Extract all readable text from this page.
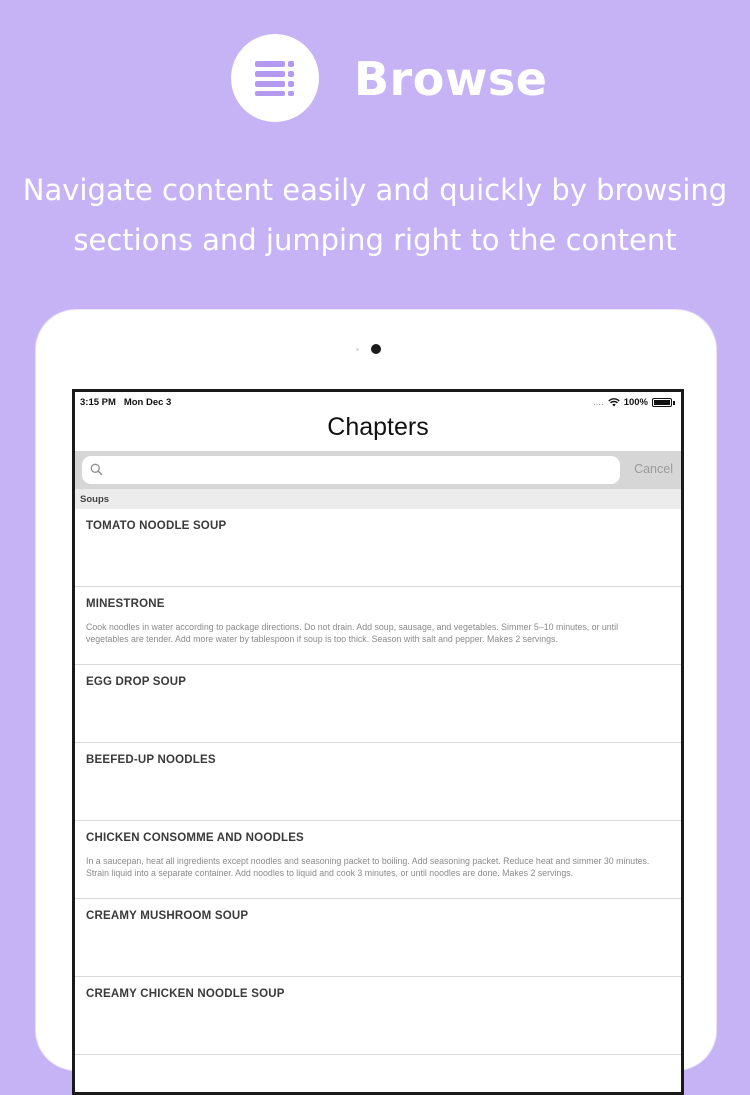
Browse
Navigate content easily and quickly by browsing
sections and jumping right to the content
3:15 PM Mon Dec 3	.... 100%
Chapters
Cancel
Soups
TOMATO NOODLE SOUP
MINESTRONE
Cook noodles in water according to package directions. Do not drain. Add soup, sausage, and vegetables. Simmer 5–10 minutes, or until vegetables are tender. Add more water by tablespoon if soup is too thick. Season with salt and pepper. Makes 2 servings.
EGG DROP SOUP
BEEFED-UP NOODLES
CHICKEN CONSOMME AND NOODLES
In a saucepan, heat all ingredients except noodles and seasoning packet to boiling. Add seasoning packet. Reduce heat and simmer 30 minutes. Strain liquid into a separate container. Add noodles to liquid and cook 3 minutes, or until noodles are done. Makes 2 servings.
CREAMY MUSHROOM SOUP
CREAMY CHICKEN NOODLE SOUP
